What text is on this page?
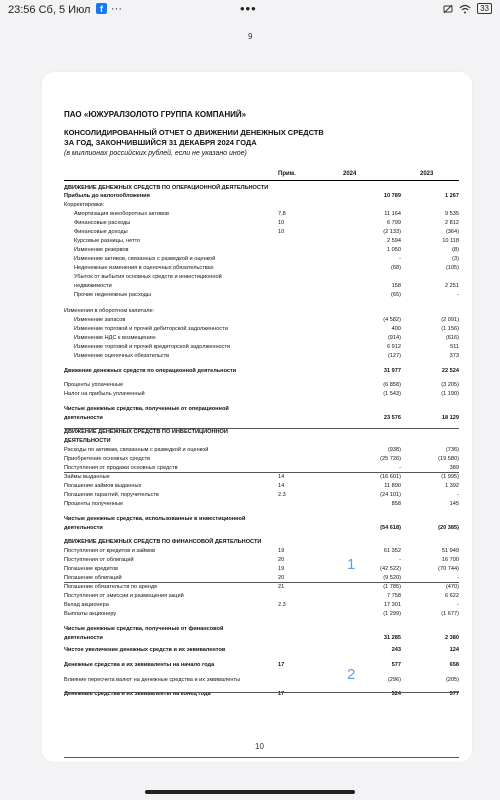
23:56 Сб, 5 Июл	f ···	•••	33
9
ПАО «ЮЖУРАЛЗОЛОТО ГРУППА КОМПАНИЙ»
КОНСОЛИДИРОВАННЫЙ ОТЧЕТ О ДВИЖЕНИИ ДЕНЕЖНЫХ СРЕДСТВ
ЗА ГОД, ЗАКОНЧИВШИЙСЯ 31 ДЕКАБРЯ 2024 ГОДА
(в миллионах российских рублей, если не указано иное)
Прим.	2024	2023
ДВИЖЕНИЕ ДЕНЕЖНЫХ СРЕДСТВ ПО ОПЕРАЦИОННОЙ ДЕЯТЕЛЬНОСТИ
Прибыль до налогообложения	10 789	1 267
Корректировки:
Амортизация внеоборотных активов	7,8	11 164	9 535
Финансовые расходы	10	6 799	2 812
Финансовые доходы	10	(2 133)	(364)
Курсовые разницы, нетто	2 594	10 118
Изменение резервов	1 050	(8)
Изменение активов, связанных с разведкой и оценкой	-	(3)
Неденежные изменения в оценочных обязательствах	(68)	(105)
Убыток от выбытия основных средств и инвестиционной
недвижимости	158	2 251
Прочие неденежные расходы	(65)	-
Изменения в оборотном капитале:
Изменение запасов	(4 582)	(2 091)
Изменение торговой и прочей дебиторской задолженности	400	(1 156)
Изменение НДС к возмещению	(914)	(616)
Изменение торговой и прочей кредиторской задолженности	6 912	511
Изменение оценочных обязательств	(127)	373
Движение денежных средств по операционной деятельности	31 977	22 524
Проценты уплаченные	(6 858)	(3 205)
Налог на прибыль уплаченный	(1 543)	(1 190)
Чистые денежные средства, полученные от операционной
деятельности	23 576	18 129
ДВИЖЕНИЕ ДЕНЕЖНЫХ СРЕДСТВ ПО ИНВЕСТИЦИОННОЙ
ДЕЯТЕЛЬНОСТИ
Расходы по активам, связанным с разведкой и оценкой	(938)	(736)
Приобретение основных средств	(25 726)	(19 580)
Поступления от продажи основных средств	-	389
Займы выданные	14	(16 601)	(1 995)
Погашение займов выданных	14	11 890	1 392
Погашение гарантий, поручительств	2.3	(24 101)	-
Проценты полученные	858	145
Чистые денежные средства, использованные в инвестиционной
деятельности	(54 618)	(20 385)
ДВИЖЕНИЕ ДЕНЕЖНЫХ СРЕДСТВ ПО ФИНАНСОВОЙ ДЕЯТЕЛЬНОСТИ
Поступления от кредитов и займов	19	61 352	51 949
Поступления от облигаций	20	-	16 700
Погашение кредитов	19	(42 522)	(70 744)
Погашение облигаций	20	(9 520)	-
Погашение обязательств по аренде	21	(1 785)	(470)
Поступления от эмиссии и размещения акций	7 758	6 622
Вклад акционера	2.3	17 301	-
Выплаты акционеру	(1 299)	(1 677)
Чистые денежные средства, полученные от финансовой
деятельности	31 285	2 380
Чистое увеличение денежных средств и их эквивалентов	243	124
Денежные средства и их эквиваленты на начало года	17	577	658
Влияние пересчета валют на денежные средства и их эквиваленты	(296)	(205)
Денежные средства и их эквиваленты на конец года	17	524	577
1
2
10
